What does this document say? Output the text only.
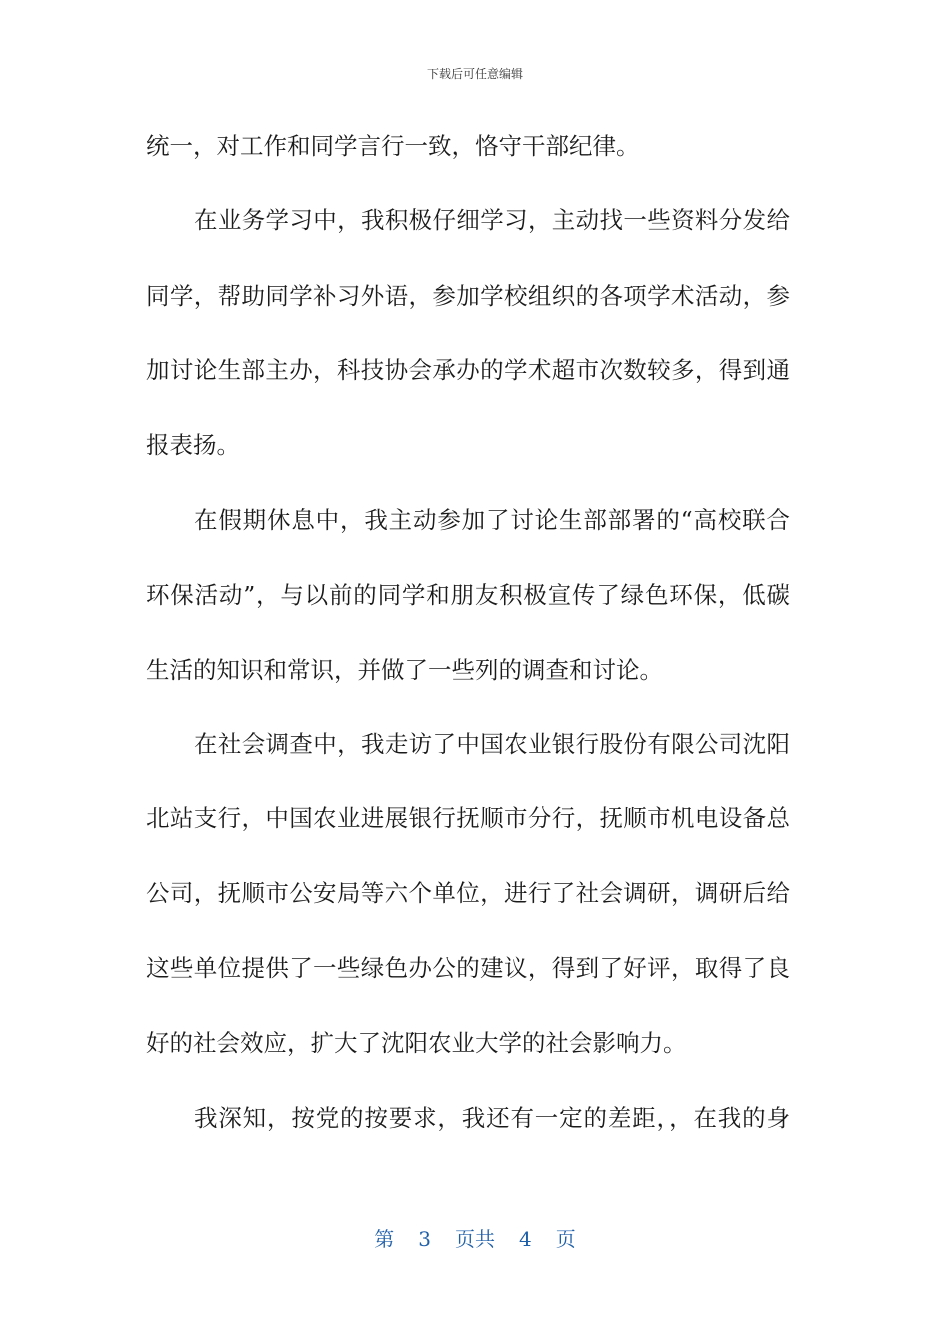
下载后可任意编辑
统一，对工作和同学言行一致，恪守干部纪律。
在业务学习中，我积极仔细学习，主动找一些资料分发给
同学，帮助同学补习外语，参加学校组织的各项学术活动，参
加讨论生部主办，科技协会承办的学术超市次数较多，得到通
报表扬。
在假期休息中，我主动参加了讨论生部部署的“高校联合
环保活动”，与以前的同学和朋友积极宣传了绿色环保，低碳
生活的知识和常识，并做了一些列的调查和讨论。
在社会调查中，我走访了中国农业银行股份有限公司沈阳
北站支行，中国农业进展银行抚顺市分行，抚顺市机电设备总
公司，抚顺市公安局等六个单位，进行了社会调研，调研后给
这些单位提供了一些绿色办公的建议，得到了好评，取得了良
好的社会效应，扩大了沈阳农业大学的社会影响力。
我深知，按党的按要求，我还有一定的差距，，在我的身
第 3 页共 4 页
